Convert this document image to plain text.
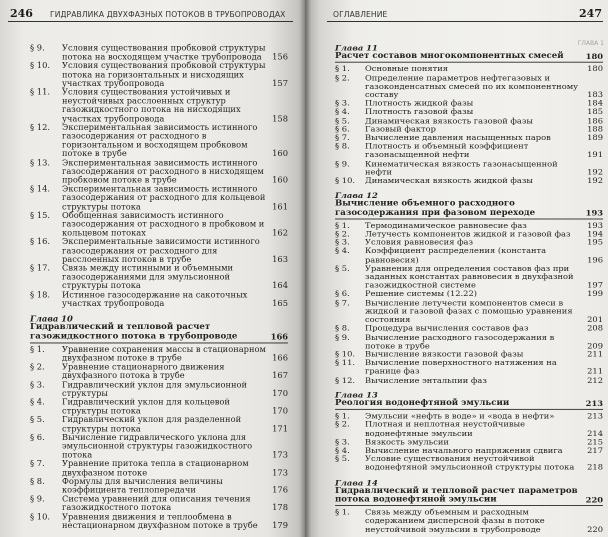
246 ГИДРАВЛИКА ДВУХФАЗНЫХ ПОТОКОВ В ТРУБОПРОВОДАХ
§ 9.	Условия существования пробковой структуры потока на восходящем участке трубопровода	156
§ 10.	Условия существования пробковой структуры потока на горизонтальных и нисходящих участках трубопровода	157
§ 11.	Условия существования устойчивых и неустойчивых расслоенных структур газожидкостного потока на нисходящих участках трубопровода	158
§ 12.	Экспериментальная зависимость истинного газосодержания от расходного в горизонтальном и восходящем пробковом потоке в трубе	160
§ 13.	Экспериментальная зависимость истинного газосодержания от расходного в нисходящем пробковом потоке в трубе	160
§ 14.	Экспериментальная зависимость истинного газосодержания от расходного для кольцевой структуры потока	161
§ 15.	Обобщенная зависимость истинного газосодержания от расходного в пробковом и кольцевом потоках	162
§ 16.	Экспериментальные зависимости истинного газосодержания от расходного для расслоенных потоков в трубе	163
§ 17.	Связь между истинными и объемными газосодержаниями для эмульсионной структуры потока	164
§ 18.	Истинное газосодержание на сакоточных участках трубопровода	165
Глава 10
Гидравлический и тепловой расчет газожидкостного потока в трубопроводе	166
§ 1.	Уравнение сохранения массы в стационарном двухфазном потоке в трубе	166
§ 2.	Уравнение стационарного движения двухфазного потока в трубе	167
§ 3.	Гидравлический уклон для эмульсионной структуры	170
§ 4.	Гидравлический уклон для кольцевой структуры потока	170
§ 5.	Гидравлический уклон для разделенной структуры потока	171
§ 6.	Вычисление гидравлического уклона для эмульсионной структуры газожидкостного потока	173
§ 7.	Уравнение притока тепла в стационарном двухфазном потоке	173
§ 8.	Формулы для вычисления величины коэффициента теплопередачи	176
§ 9.	Система уравнений для описания течения газожидкостного потока	178
§ 10.	Уравнения движения и теплообмена в нестационарном двухфазном потоке в трубе	179
ОГЛАВЛЕНИЕ	247
ГЛАВА 1
Глава 11
Расчет составов многокомпонентных смесей	180
§ 1.	Основные понятия	180
§ 2.	Определение параметров нефтегазовых и газоконденсатных смесей по их компонентному составу	183
§ 3.	Плотность жидкой фазы	184
§ 4.	Плотность газовой фазы	185
§ 5.	Динамическая вязкость газовой фазы	186
§ 6.	Газовый фактор	188
§ 7.	Вычисление давления насыщенных паров	189
§ 8.	Плотность и объемный коэффициент газонасыщенной нефти	191
§ 9.	Кинематическая вязкость газонасыщенной нефти	192
§ 10.	Динамическая вязкость жидкой фазы	192
Глава 12
Вычисление объемного расходного газосодержания при фазовом переходе	193
§ 1.	Термодинамическое равновесие фаз	193
§ 2.	Летучесть компонентов жидкой и газовой фаз	194
§ 3.	Условия равновесия фаз	195
§ 4.	Коэффициент распределения (константа равновесия)	196
§ 5.	Уравнения для определения составов фаз при заданных константах равновесия в двухфазной газожидкостной системе	197
§ 6.	Решение системы (12.22)	199
§ 7.	Вычисление летучести компонентов смеси в жидкой и газовой фазах с помощью уравнения состояния	201
§ 8.	Процедура вычисления составов фаз	208
§ 9.	Вычисление расходного газосодержания в потоке в трубе	209
§ 10.	Вычисление вязкости газовой фазы	211
§ 11.	Вычисление поверхностного натяжения на границе фаз	211
§ 12.	Вычисление энтальпии фаз	212
Глава 13
Реология водонефтяной эмульсии	213
§ 1.	Эмульсии «нефть в воде» и «вода в нефти»	213
§ 2.	Плотная и неплотная неустойчивые водонефтяные эмульсии	214
§ 3.	Вязкость эмульсии	215
§ 4.	Вычисление начального напряжения сдвига	217
§ 5.	Условие существования неустойчивой водонефтяной эмульсионной структуры потока	218
Глава 14
Гидравлический и тепловой расчет параметров потока водонефтяной эмульсии	220
§ 1.	Связь между объемным и расходным содержанием дисперсной фазы в потоке неустойчивой эмульсии в трубопроводе	220
